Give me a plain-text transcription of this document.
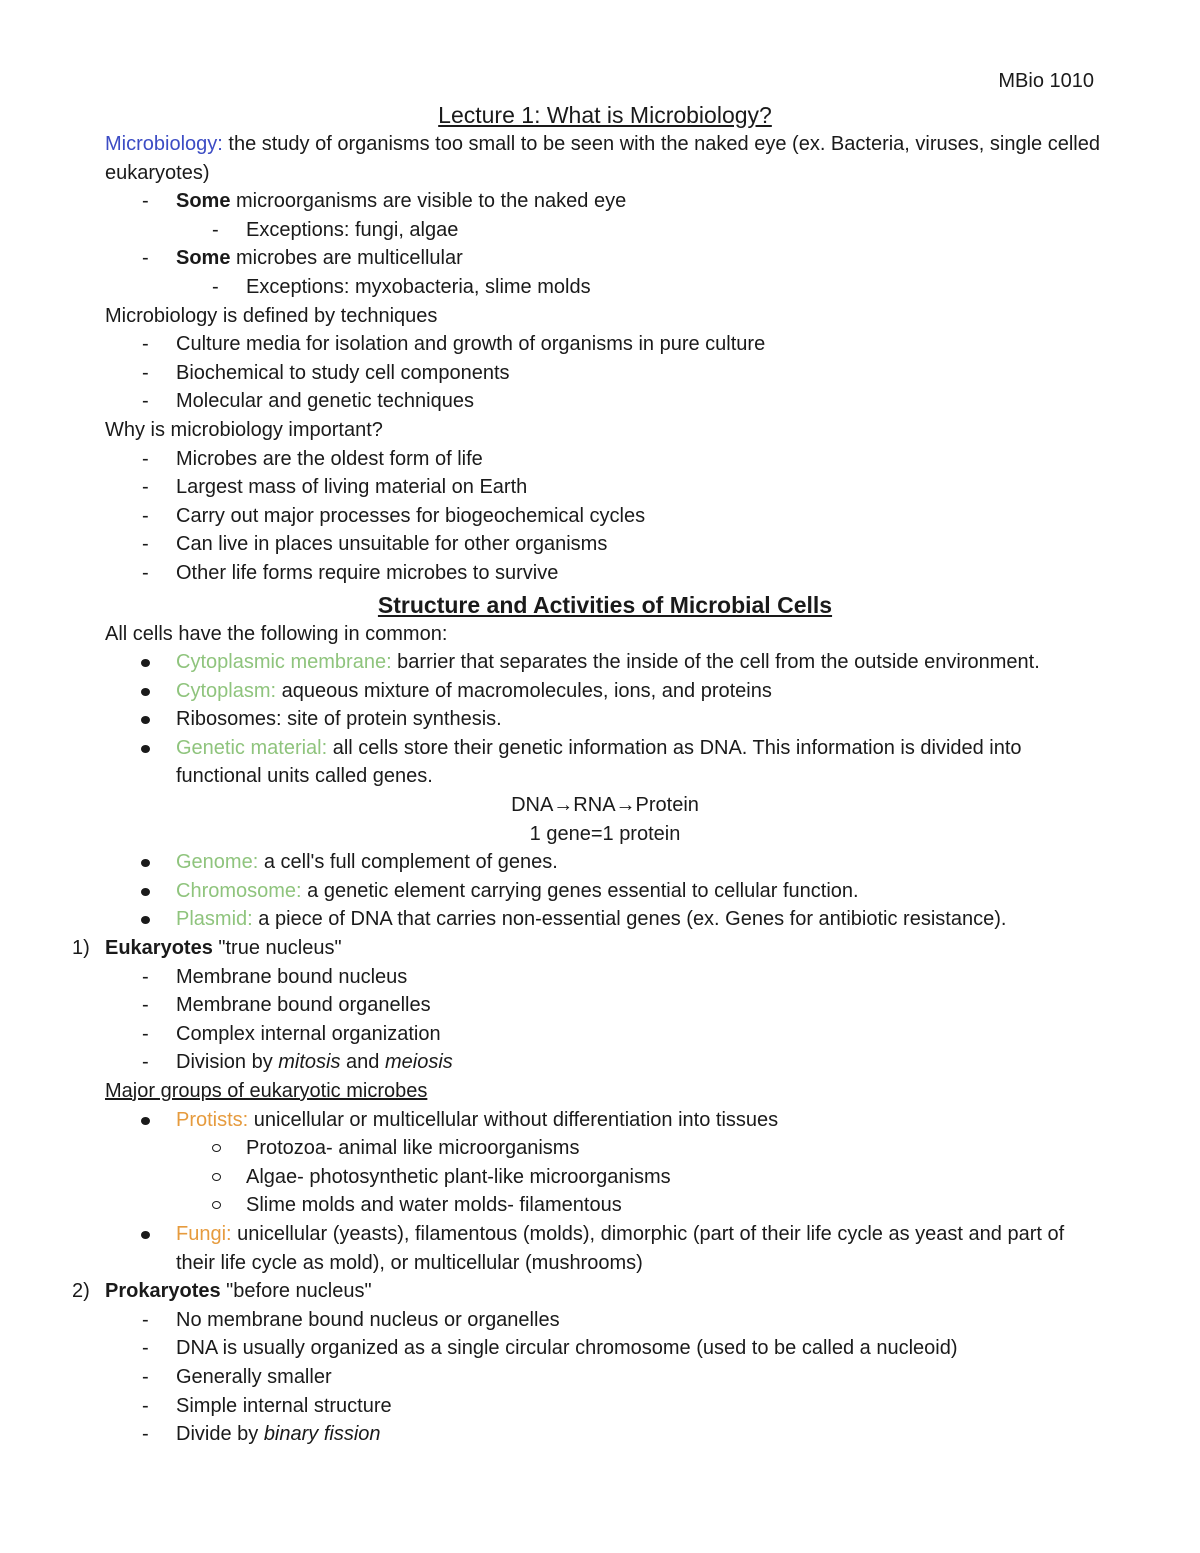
MBio 1010
Lecture 1: What is Microbiology?
Microbiology: the study of organisms too small to be seen with the naked eye (ex. Bacteria, viruses, single celled eukaryotes)
- Some microorganisms are visible to the naked eye
- Exceptions: fungi, algae
- Some microbes are multicellular
- Exceptions: myxobacteria, slime molds
Microbiology is defined by techniques
- Culture media for isolation and growth of organisms in pure culture
- Biochemical to study cell components
- Molecular and genetic techniques
Why is microbiology important?
- Microbes are the oldest form of life
- Largest mass of living material on Earth
- Carry out major processes for biogeochemical cycles
- Can live in places unsuitable for other organisms
- Other life forms require microbes to survive
Structure and Activities of Microbial Cells
All cells have the following in common:
Cytoplasmic membrane: barrier that separates the inside of the cell from the outside environment.
Cytoplasm: aqueous mixture of macromolecules, ions, and proteins
Ribosomes: site of protein synthesis.
Genetic material: all cells store their genetic information as DNA. This information is divided into functional units called genes.
DNA→RNA→Protein
1 gene=1 protein
Genome: a cell's full complement of genes.
Chromosome: a genetic element carrying genes essential to cellular function.
Plasmid: a piece of DNA that carries non-essential genes (ex. Genes for antibiotic resistance).
1) Eukaryotes "true nucleus"
- Membrane bound nucleus
- Membrane bound organelles
- Complex internal organization
- Division by mitosis and meiosis
Major groups of eukaryotic microbes
Protists: unicellular or multicellular without differentiation into tissues
Protozoa- animal like microorganisms
Algae- photosynthetic plant-like microorganisms
Slime molds and water molds- filamentous
Fungi: unicellular (yeasts), filamentous (molds), dimorphic (part of their life cycle as yeast and part of their life cycle as mold), or multicellular (mushrooms)
2) Prokaryotes "before nucleus"
- No membrane bound nucleus or organelles
- DNA is usually organized as a single circular chromosome (used to be called a nucleoid)
- Generally smaller
- Simple internal structure
- Divide by binary fission
